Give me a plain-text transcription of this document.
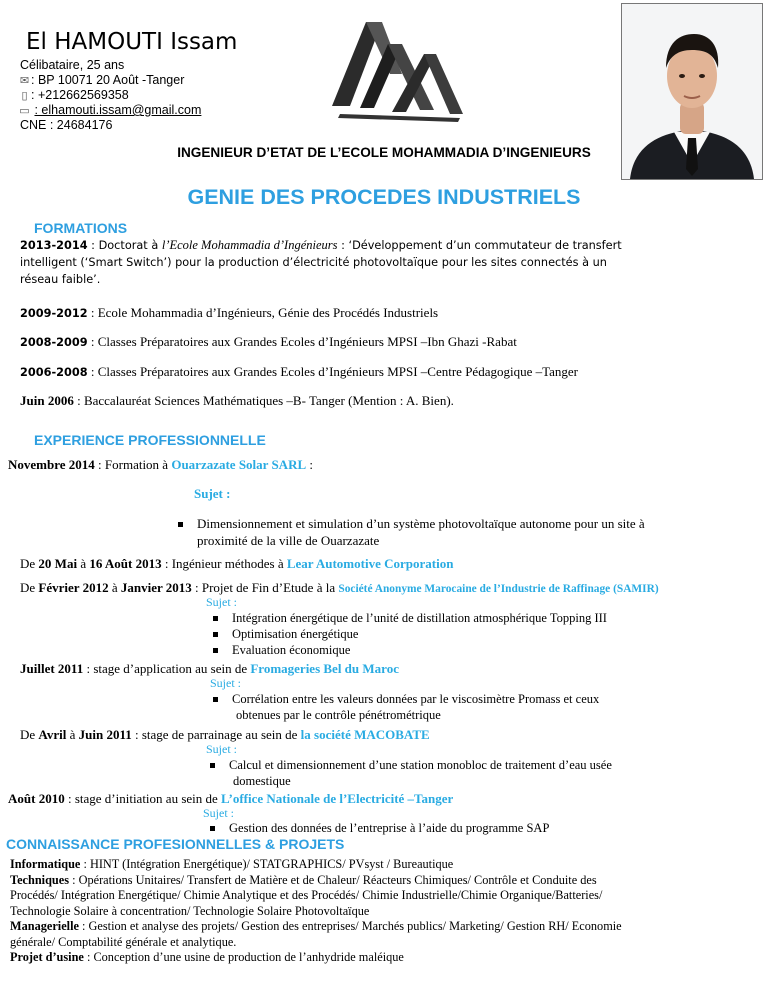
El HAMOUTI Issam
Célibataire, 25 ans
✉ : BP 10071 20 Août -Tanger
▯ : +212662569358
▭ : elhamouti.issam@gmail.com
CNE : 24684176
INGENIEUR D’ETAT DE L’ECOLE MOHAMMADIA D’INGENIEURS
GENIE DES PROCEDES INDUSTRIELS
FORMATIONS
2013-2014 : Doctorat à l’Ecole Mohammadia d’Ingénieurs : ‘Développement d’un commutateur de transfert
intelligent (‘Smart Switch’) pour la production d’électricité photovoltaïque pour les sites connectés à un
réseau faible’.
2009-2012 : Ecole Mohammadia d’Ingénieurs, Génie des Procédés Industriels
2008-2009 : Classes Préparatoires aux Grandes Ecoles d’Ingénieurs MPSI –Ibn Ghazi -Rabat
2006-2008 : Classes Préparatoires aux Grandes Ecoles d’Ingénieurs MPSI –Centre Pédagogique –Tanger
Juin 2006 : Baccalauréat Sciences Mathématiques –B- Tanger (Mention : A. Bien).
EXPERIENCE PROFESSIONNELLE
Novembre 2014 : Formation à Ouarzazate Solar SARL :
Sujet :
Dimensionnement et simulation d’un système photovoltaïque autonome pour un site à
proximité de la ville de Ouarzazate
De 20 Mai à 16 Août 2013 : Ingénieur méthodes à Lear Automotive Corporation
De Février 2012 à Janvier 2013 : Projet de Fin d’Etude à la Société Anonyme Marocaine de l’Industrie de Raffinage (SAMIR)
Sujet :
Intégration énergétique de l’unité de distillation atmosphérique Topping III
Optimisation énergétique
Evaluation économique
Juillet 2011 : stage d’application au sein de Fromageries Bel du Maroc
Sujet :
Corrélation entre les valeurs données par le viscosimètre Promass et ceux
obtenues par le contrôle pénétrométrique
De Avril à Juin 2011 : stage de parrainage au sein de la société MACOBATE
Sujet :
Calcul et dimensionnement d’une station monobloc de traitement d’eau usée
domestique
Août 2010 : stage d’initiation au sein de L’office Nationale de l’Electricité –Tanger
Sujet :
Gestion des données de l’entreprise à l’aide du programme SAP
CONNAISSANCE PROFESIONNELLES & PROJETS
Informatique : HINT (Intégration Energétique)/ STATGRAPHICS/ PVsyst / Bureautique
Techniques : Opérations Unitaires/ Transfert de Matière et de Chaleur/ Réacteurs Chimiques/ Contrôle et Conduite des
Procédés/ Intégration Energétique/ Chimie Analytique et des Procédés/ Chimie Industrielle/Chimie Organique/Batteries/
Technologie Solaire à concentration/ Technologie Solaire Photovoltaïque
Managerielle : Gestion et analyse des projets/ Gestion des entreprises/ Marchés publics/ Marketing/ Gestion RH/ Economie
générale/ Comptabilité générale et analytique.
Projet d’usine : Conception d’une usine de production de l’anhydride maléique
